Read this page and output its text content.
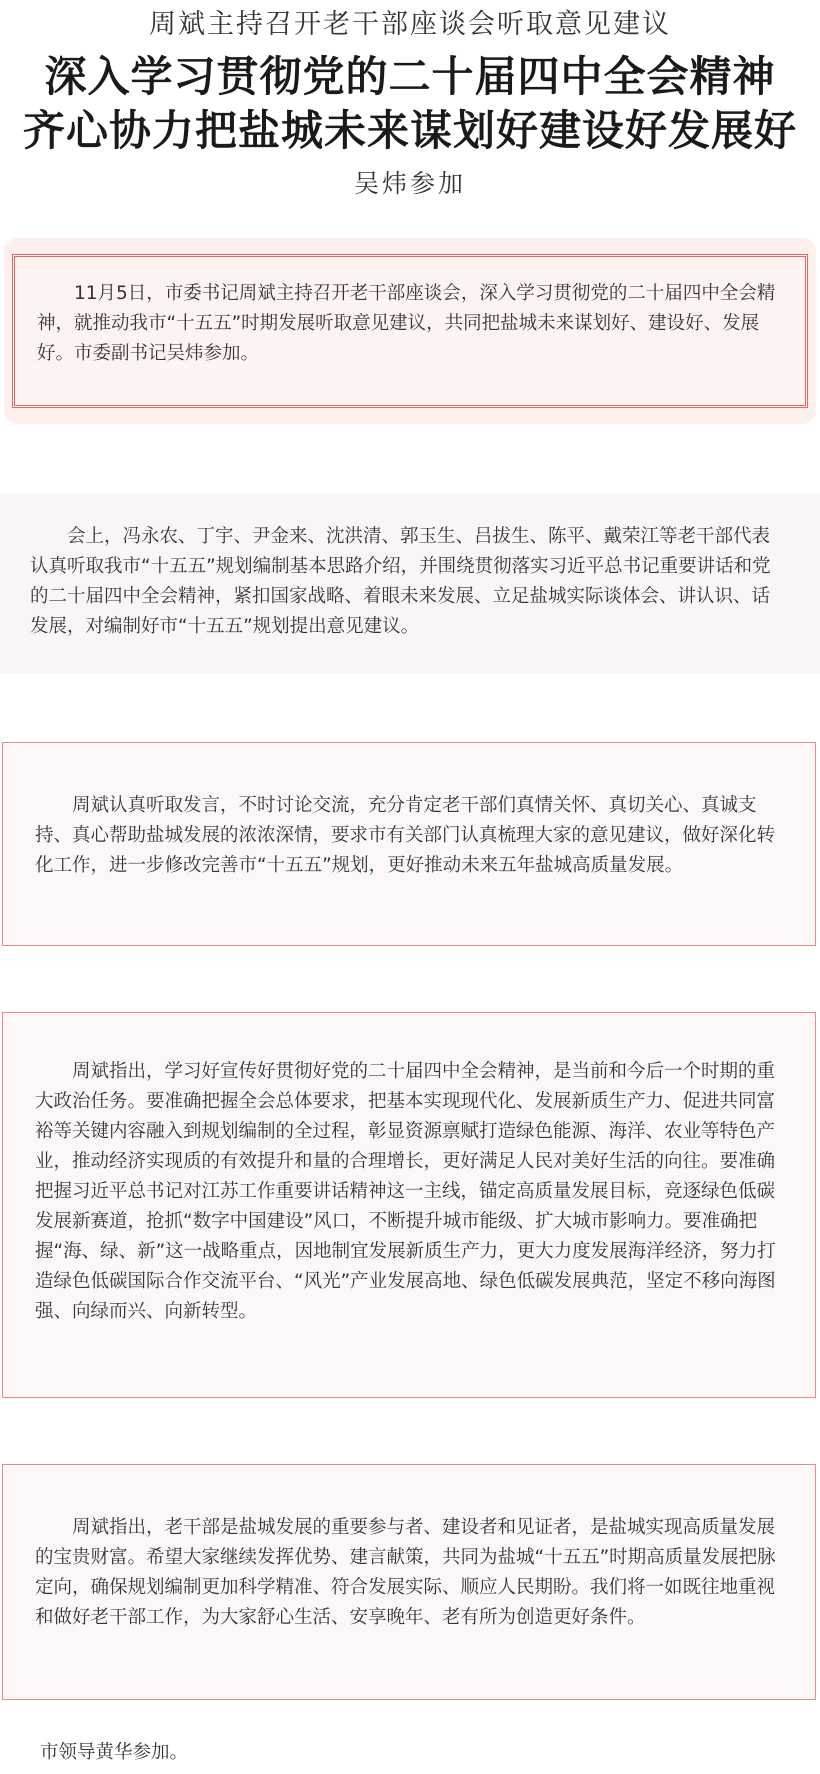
周斌主持召开老干部座谈会听取意见建议
深入学习贯彻党的二十届四中全会精神
齐心协力把盐城未来谋划好建设好发展好
吴炜参加

11月5日，市委书记周斌主持召开老干部座谈会，深入学习贯彻党的二十届四中全会精神，就推动我市“十五五”时期发展听取意见建议，共同把盐城未来谋划好、建设好、发展好。市委副书记吴炜参加。

会上，冯永农、丁宇、尹金来、沈洪清、郭玉生、吕拔生、陈平、戴荣江等老干部代表认真听取我市“十五五”规划编制基本思路介绍，并围绕贯彻落实习近平总书记重要讲话和党的二十届四中全会精神，紧扣国家战略、着眼未来发展、立足盐城实际谈体会、讲认识、话发展，对编制好市“十五五”规划提出意见建议。

周斌认真听取发言，不时讨论交流，充分肯定老干部们真情关怀、真切关心、真诚支持、真心帮助盐城发展的浓浓深情，要求市有关部门认真梳理大家的意见建议，做好深化转化工作，进一步修改完善市“十五五”规划，更好推动未来五年盐城高质量发展。

周斌指出，学习好宣传好贯彻好党的二十届四中全会精神，是当前和今后一个时期的重大政治任务。要准确把握全会总体要求，把基本实现现代化、发展新质生产力、促进共同富裕等关键内容融入到规划编制的全过程，彰显资源禀赋打造绿色能源、海洋、农业等特色产业，推动经济实现质的有效提升和量的合理增长，更好满足人民对美好生活的向往。要准确把握习近平总书记对江苏工作重要讲话精神这一主线，锚定高质量发展目标，竞逐绿色低碳发展新赛道，抢抓“数字中国建设”风口，不断提升城市能级、扩大城市影响力。要准确把握“海、绿、新”这一战略重点，因地制宜发展新质生产力，更大力度发展海洋经济，努力打造绿色低碳国际合作交流平台、“风光”产业发展高地、绿色低碳发展典范，坚定不移向海图强、向绿而兴、向新转型。

周斌指出，老干部是盐城发展的重要参与者、建设者和见证者，是盐城实现高质量发展的宝贵财富。希望大家继续发挥优势、建言献策，共同为盐城“十五五”时期高质量发展把脉定向，确保规划编制更加科学精准、符合发展实际、顺应人民期盼。我们将一如既往地重视和做好老干部工作，为大家舒心生活、安享晚年、老有所为创造更好条件。

市领导黄华参加。
